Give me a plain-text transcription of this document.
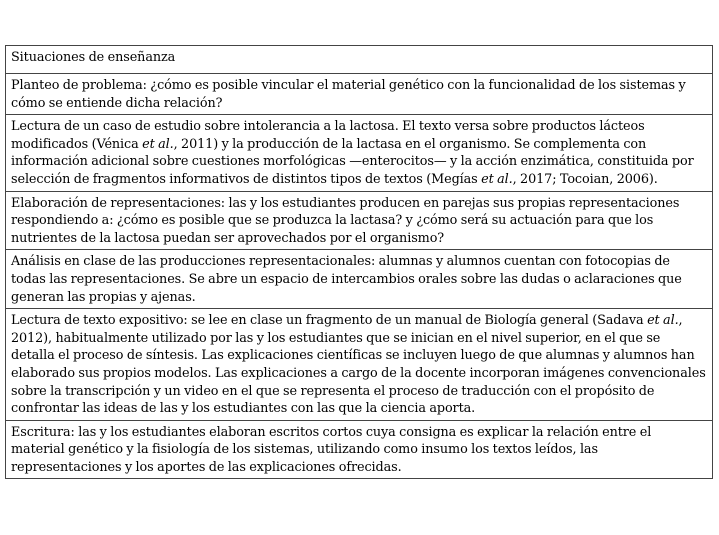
Situaciones de enseñanza
Planteo de problema: ¿cómo es posible vincular el material genético con la funcionalidad de los sistemas y cómo se entiende dicha relación?
Lectura de un caso de estudio sobre intolerancia a la lactosa. El texto versa sobre productos lácteos modificados (Vénica et al., 2011) y la producción de la lactasa en el organismo. Se complementa con información adicional sobre cuestiones morfológicas —enterocitos— y la acción enzimática, constituida por selección de fragmentos informativos de distintos tipos de textos (Megías et al., 2017; Tocoian, 2006).
Elaboración de representaciones: las y los estudiantes producen en parejas sus propias representaciones respondiendo a: ¿cómo es posible que se produzca la lactasa? y ¿cómo será su actuación para que los nutrientes de la lactosa puedan ser aprovechados por el organismo?
Análisis en clase de las producciones representacionales: alumnas y alumnos cuentan con fotocopias de todas las representaciones. Se abre un espacio de intercambios orales sobre las dudas o aclaraciones que generan las propias y ajenas.
Lectura de texto expositivo: se lee en clase un fragmento de un manual de Biología general (Sadava et al., 2012), habitualmente utilizado por las y los estudiantes que se inician en el nivel superior, en el que se detalla el proceso de síntesis. Las explicaciones científicas se incluyen luego de que alumnas y alumnos han elaborado sus propios modelos. Las explicaciones a cargo de la docente incorporan imágenes convencionales sobre la transcripción y un video en el que se representa el proceso de traducción con el propósito de confrontar las ideas de las y los estudiantes con las que la ciencia aporta.
Escritura: las y los estudiantes elaboran escritos cortos cuya consigna es explicar la relación entre el material genético y la fisiología de los sistemas, utilizando como insumo los textos leídos, las representaciones y los aportes de las explicaciones ofrecidas.
